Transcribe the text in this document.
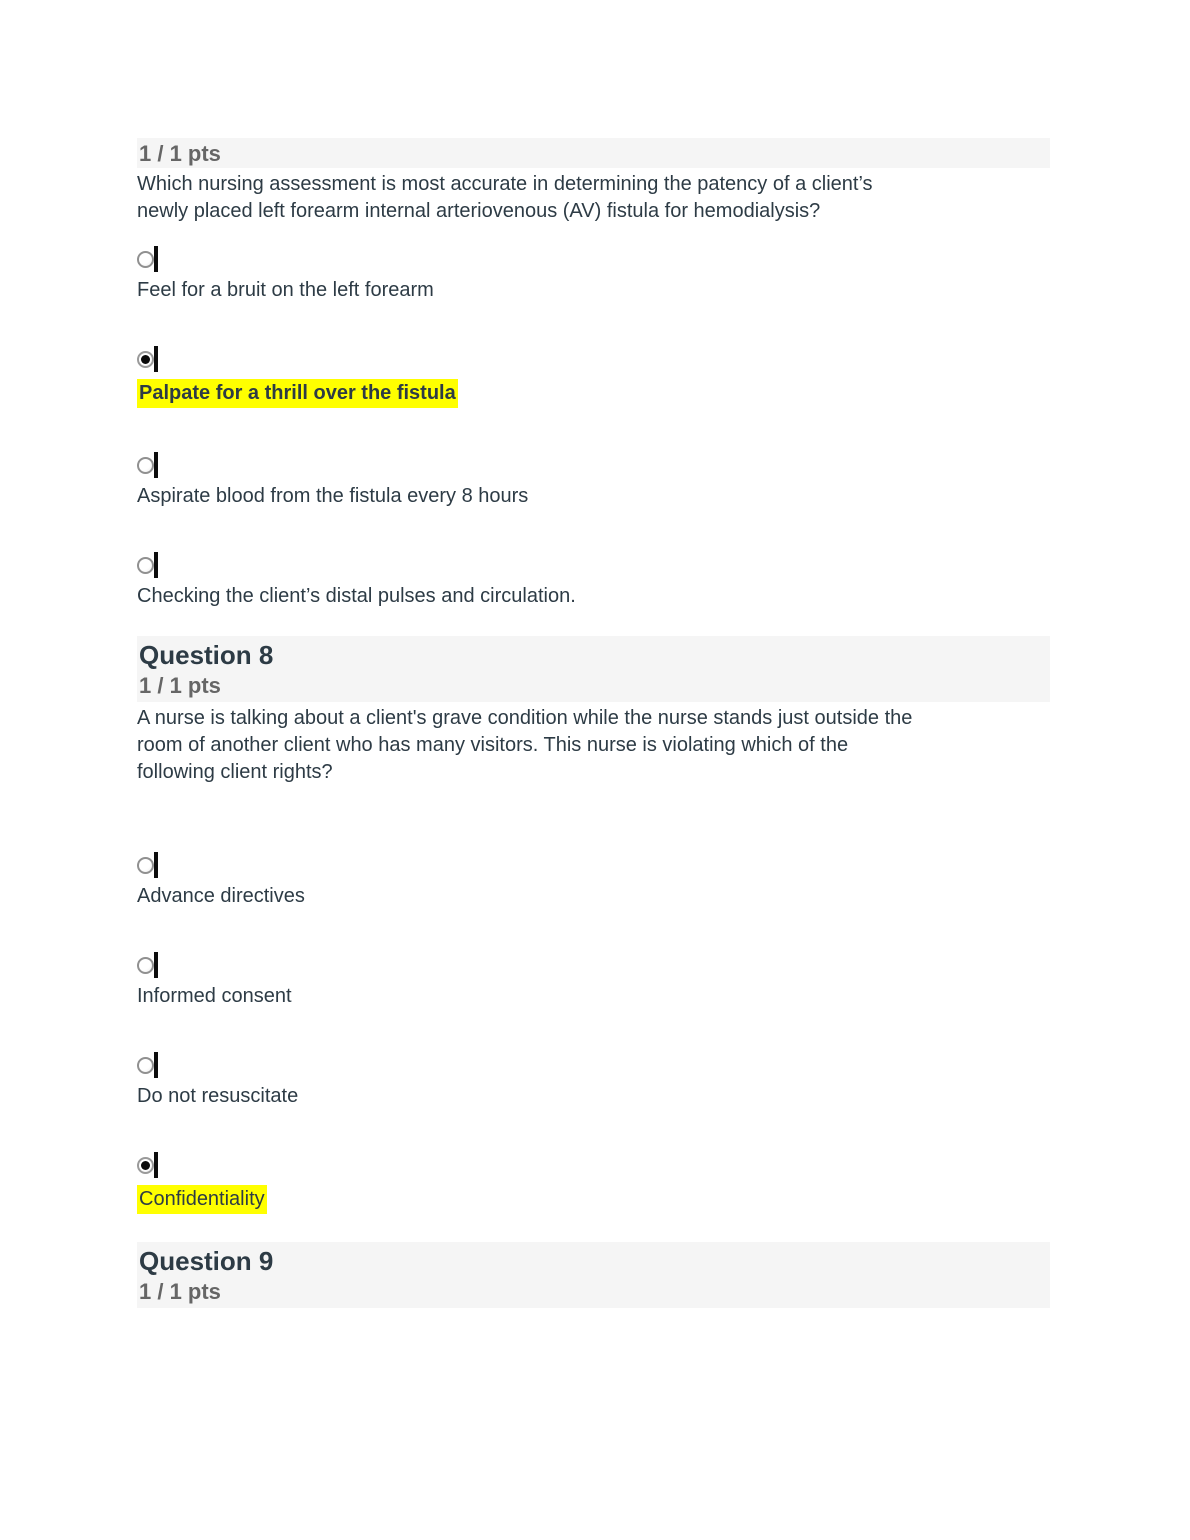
1 / 1 pts
Which nursing assessment is most accurate in determining the patency of a client’s
newly placed left forearm internal arteriovenous (AV) fistula for hemodialysis?
Feel for a bruit on the left forearm
Palpate for a thrill over the fistula
Aspirate blood from the fistula every 8 hours
Checking the client’s distal pulses and circulation.
Question 8
1 / 1 pts
A nurse is talking about a client's grave condition while the nurse stands just outside the
room of another client who has many visitors. This nurse is violating which of the
following client rights?
Advance directives
Informed consent
Do not resuscitate
Confidentiality
Question 9
1 / 1 pts
